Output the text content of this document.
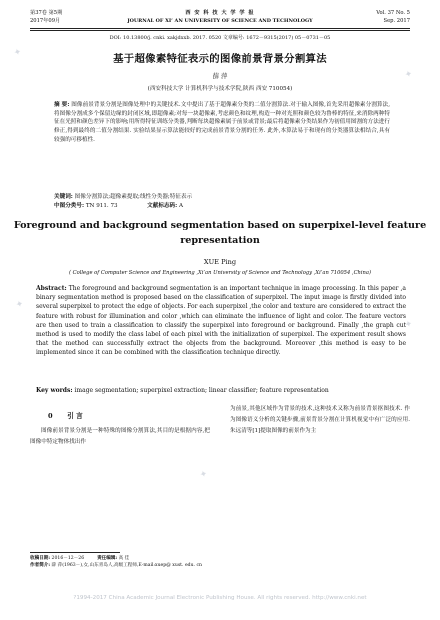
第37卷 第5期
2017年09月
西 安 科 技 大 学 学 报
JOURNAL OF XI’ AN UNIVERSITY OF SCIENCE AND TECHNOLOGY
Vol. 37 No. 5
Sep. 2017
DOI: 10.13800/j. cnki. xakjdxxb. 2017. 0520 文章编号: 1672－9315(2017) 05－0731－05
基于超像素特征表示的图像前景背景分割算法
薛 萍
(西安科技大学 计算机科学与技术学院,陕西 西安 710054)
摘 要: 图像前景背景分割是图像处理中的关键技术.文中提出了基于超像素分类的二值分割算法.对于输入图像,首先采用超像素分割算法,将图像分割成多个保留边缘的封闭区域,即超像素;对每一块超像素,考虑颜色和纹理,构造一种对光照和颜色较为鲁棒的特征,来消除两种特征在光照和颜色差异下的影响;用所得特征训练分类器,判断每块超像素属于前景或背景;最后将超像素分类结果作为初值用图割的方法进行修正,得到最终的二值分割结果. 实验结果显示算法能较好的完成前景背景分割的任务. 此外,本算法易于和现有的分类器算法相结合,具有较强的可移植性.
关键词: 图像分割算法;超像素提取;线性分类器;特征表示
中图分类号: TN 911. 73	文献标志码: A
Foreground and background segmentation based on superpixel-level feature representation
XUE Ping
( College of Computer Science and Engineering ,Xi’an University of Science and Technology ,Xi’an 710054 ,China)
Abstract: The foreground and background segmentation is an important technique in image processing. In this paper ,a binary segmentation method is proposed based on the classification of superpixel. The input image is firstly divided into several superpixel to protect the edge of objects. For each superpixel ,the color and texture are considered to extract the feature with robust for illumination and color ,which can eliminate the influence of light and color. The feature vectors are then used to train a classification to classify the superpixel into foreground or background. Finally ,the graph cut method is used to modify the class label of each pixel with the initialization of superpixel. The experiment result shows that the method can successfully extract the objects from the background. Moreover ,this method is easy to be implemented since it can be combined with the classification technique directly.
Key words: image segmentation; superpixel extraction; linear classifier; feature representation
0 引 言
图像前景背景分割是一种特殊的图像分割算法,其目的是根据内容,把图像中特定物体找出作
为前景,其他区域作为背景的技术,这种技术又称为前景背景抠图技术. 作为图像语义分析的关键步骤,前景背景分割在计算机视觉中有广泛的应用. 朱远清等[1]提取图像的前景作为主
收稿日期: 2016－12－26	责任编辑: 高 佳
作者简介: 薛 萍(1963－),女,山东青岛人,高级工程师,E-mail:xuep@ xust. edu. cn
?1994-2017 China Academic Journal Electronic Publishing House. All rights reserved. http://www.cnki.net
✦
✦
✦
✦
✦
